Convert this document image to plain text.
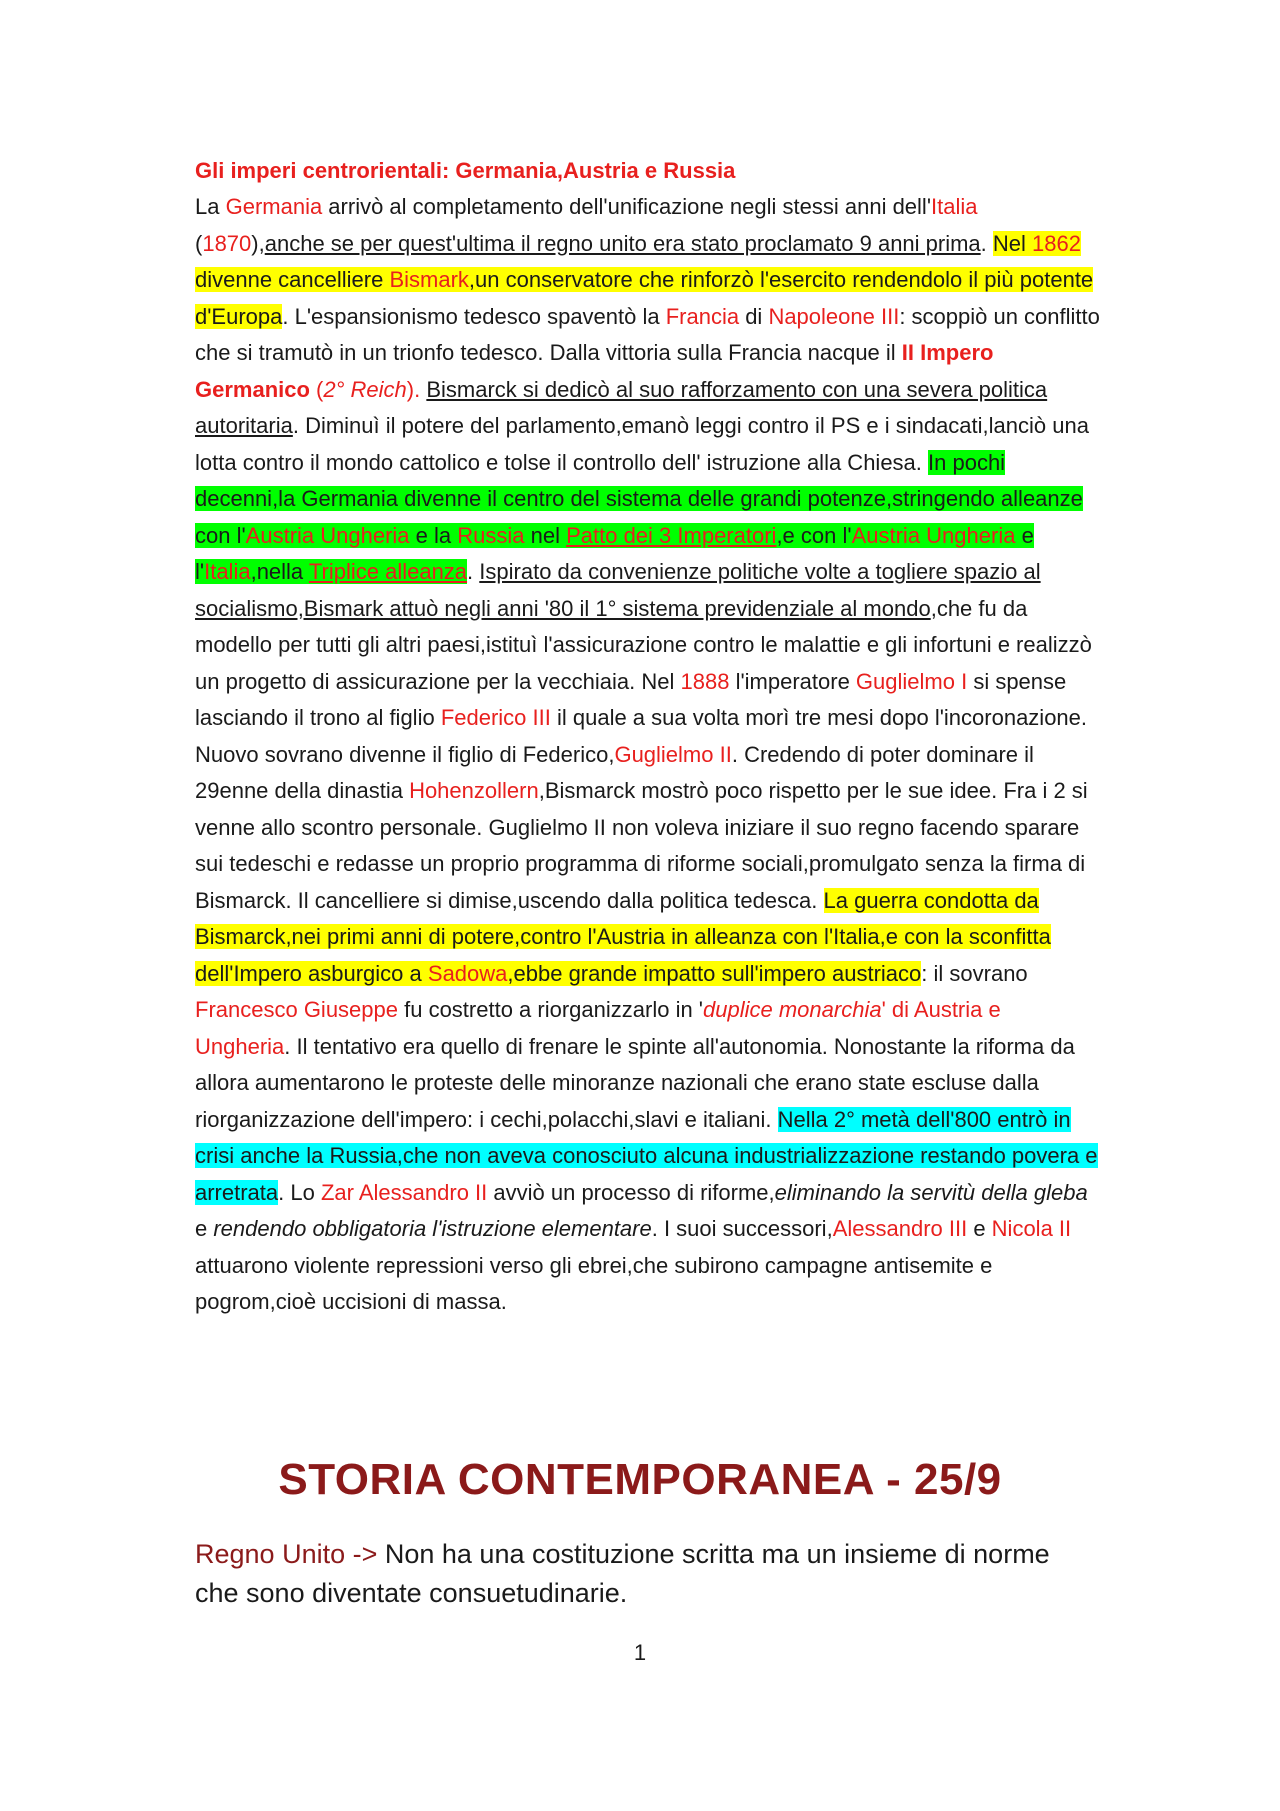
Gli imperi centrorientali: Germania,Austria e Russia

La Germania arrivò al completamento dell'unificazione negli stessi anni dell'Italia (1870),anche se per quest'ultima il regno unito era stato proclamato 9 anni prima. Nel 1862 divenne cancelliere Bismark,un conservatore che rinforzò l'esercito rendendolo il più potente d'Europa. L'espansionismo tedesco spaventò la Francia di Napoleone III: scoppiò un conflitto che si tramutò in un trionfo tedesco. Dalla vittoria sulla Francia nacque il II Impero Germanico (2° Reich). Bismarck si dedicò al suo rafforzamento con una severa politica autoritaria. Diminuì il potere del parlamento,emanò leggi contro il PS e i sindacati,lanciò una lotta contro il mondo cattolico e tolse il controllo dell' istruzione alla Chiesa. In pochi decenni,la Germania divenne il centro del sistema delle grandi potenze,stringendo alleanze con l'Austria Ungheria e la Russia nel Patto dei 3 Imperatori,e con l'Austria Ungheria e l'Italia,nella Triplice alleanza. Ispirato da convenienze politiche volte a togliere spazio al socialismo,Bismark attuò negli anni '80 il 1° sistema previdenziale al mondo,che fu da modello per tutti gli altri paesi,istituì l'assicurazione contro le malattie e gli infortuni e realizzò un progetto di assicurazione per la vecchiaia. Nel 1888 l'imperatore Guglielmo I si spense lasciando il trono al figlio Federico III il quale a sua volta morì tre mesi dopo l'incoronazione. Nuovo sovrano divenne il figlio di Federico,Guglielmo II. Credendo di poter dominare il 29enne della dinastia Hohenzollern,Bismarck mostrò poco rispetto per le sue idee. Fra i 2 si venne allo scontro personale. Guglielmo II non voleva iniziare il suo regno facendo sparare sui tedeschi e redasse un proprio programma di riforme sociali,promulgato senza la firma di Bismarck. Il cancelliere si dimise,uscendo dalla politica tedesca. La guerra condotta da Bismarck,nei primi anni di potere,contro l'Austria in alleanza con l'Italia,e con la sconfitta dell'Impero asburgico a Sadowa,ebbe grande impatto sull'impero austriaco: il sovrano Francesco Giuseppe fu costretto a riorganizzarlo in 'duplice monarchia' di Austria e Ungheria. Il tentativo era quello di frenare le spinte all'autonomia. Nonostante la riforma da allora aumentarono le proteste delle minoranze nazionali che erano state escluse dalla riorganizzazione dell'impero: i cechi,polacchi,slavi e italiani. Nella 2° metà dell'800 entrò in crisi anche la Russia,che non aveva conosciuto alcuna industrializzazione restando povera e arretrata. Lo Zar Alessandro II avviò un processo di riforme,eliminando la servitù della gleba e rendendo obbligatoria l'istruzione elementare. I suoi successori,Alessandro III e Nicola II attuarono violente repressioni verso gli ebrei,che subirono campagne antisemite e pogrom,cioè uccisioni di massa.

STORIA CONTEMPORANEA - 25/9

Regno Unito -> Non ha una costituzione scritta ma un insieme di norme che sono diventate consuetudinarie.

1
